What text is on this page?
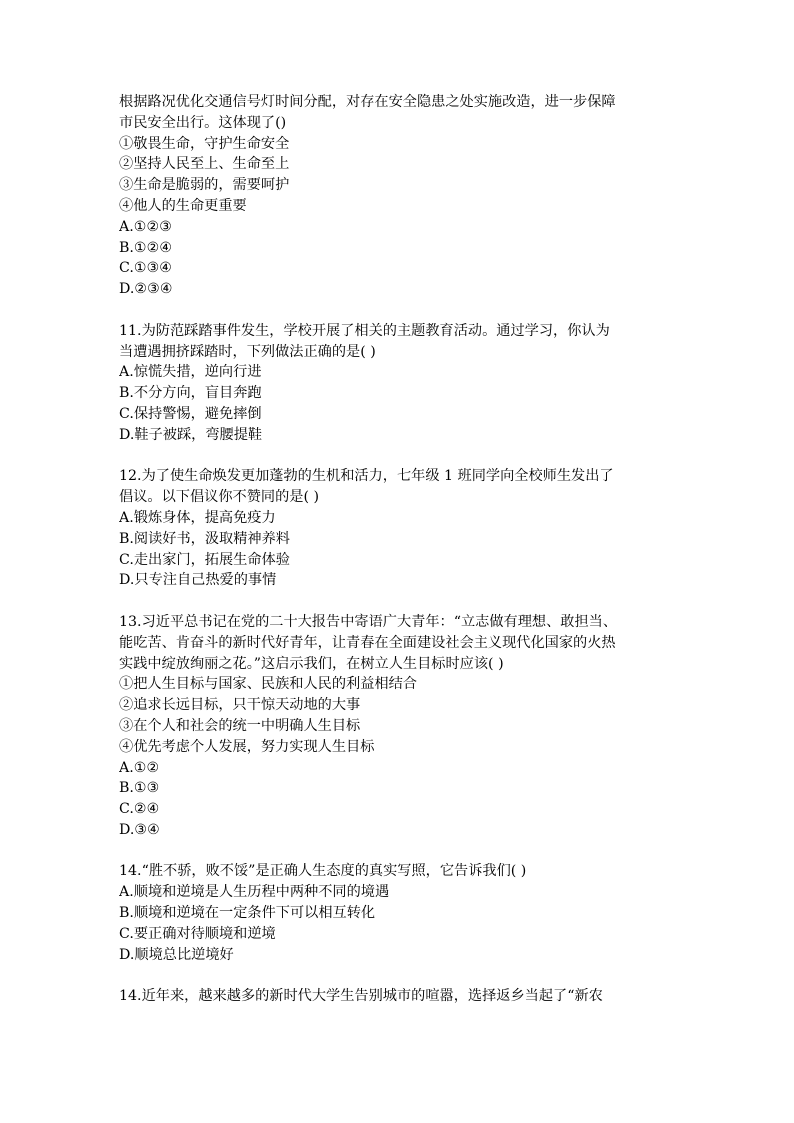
根据路况优化交通信号灯时间分配，对存在安全隐患之处实施改造，进一步保障
市民安全出行。这体现了()
①敬畏生命，守护生命安全
②坚持人民至上、生命至上
③生命是脆弱的，需要呵护
④他人的生命更重要
A.①②③
B.①②④
C.①③④
D.②③④
11.为防范踩踏事件发生，学校开展了相关的主题教育活动。通过学习，你认为
当遭遇拥挤踩踏时，下列做法正确的是( )
A.惊慌失措，逆向行进
B.不分方向，盲目奔跑
C.保持警惕，避免摔倒
D.鞋子被踩，弯腰提鞋
12.为了使生命焕发更加蓬勃的生机和活力，七年级 1 班同学向全校师生发出了
倡议。以下倡议你不赞同的是( )
A.锻炼身体，提高免疫力
B.阅读好书，汲取精神养料
C.走出家门，拓展生命体验
D.只专注自己热爱的事情
13.习近平总书记在党的二十大报告中寄语广大青年：“立志做有理想、敢担当、
能吃苦、肯奋斗的新时代好青年，让青春在全面建设社会主义现代化国家的火热
实践中绽放绚丽之花。”这启示我们，在树立人生目标时应该( )
①把人生目标与国家、民族和人民的利益相结合
②追求长远目标，只干惊天动地的大事
③在个人和社会的统一中明确人生目标
④优先考虑个人发展，努力实现人生目标
A.①②
B.①③
C.②④
D.③④
14.“胜不骄，败不馁”是正确人生态度的真实写照，它告诉我们( )
A.顺境和逆境是人生历程中两种不同的境遇
B.顺境和逆境在一定条件下可以相互转化
C.要正确对待顺境和逆境
D.顺境总比逆境好
14.近年来，越来越多的新时代大学生告别城市的喧嚣，选择返乡当起了“新农
